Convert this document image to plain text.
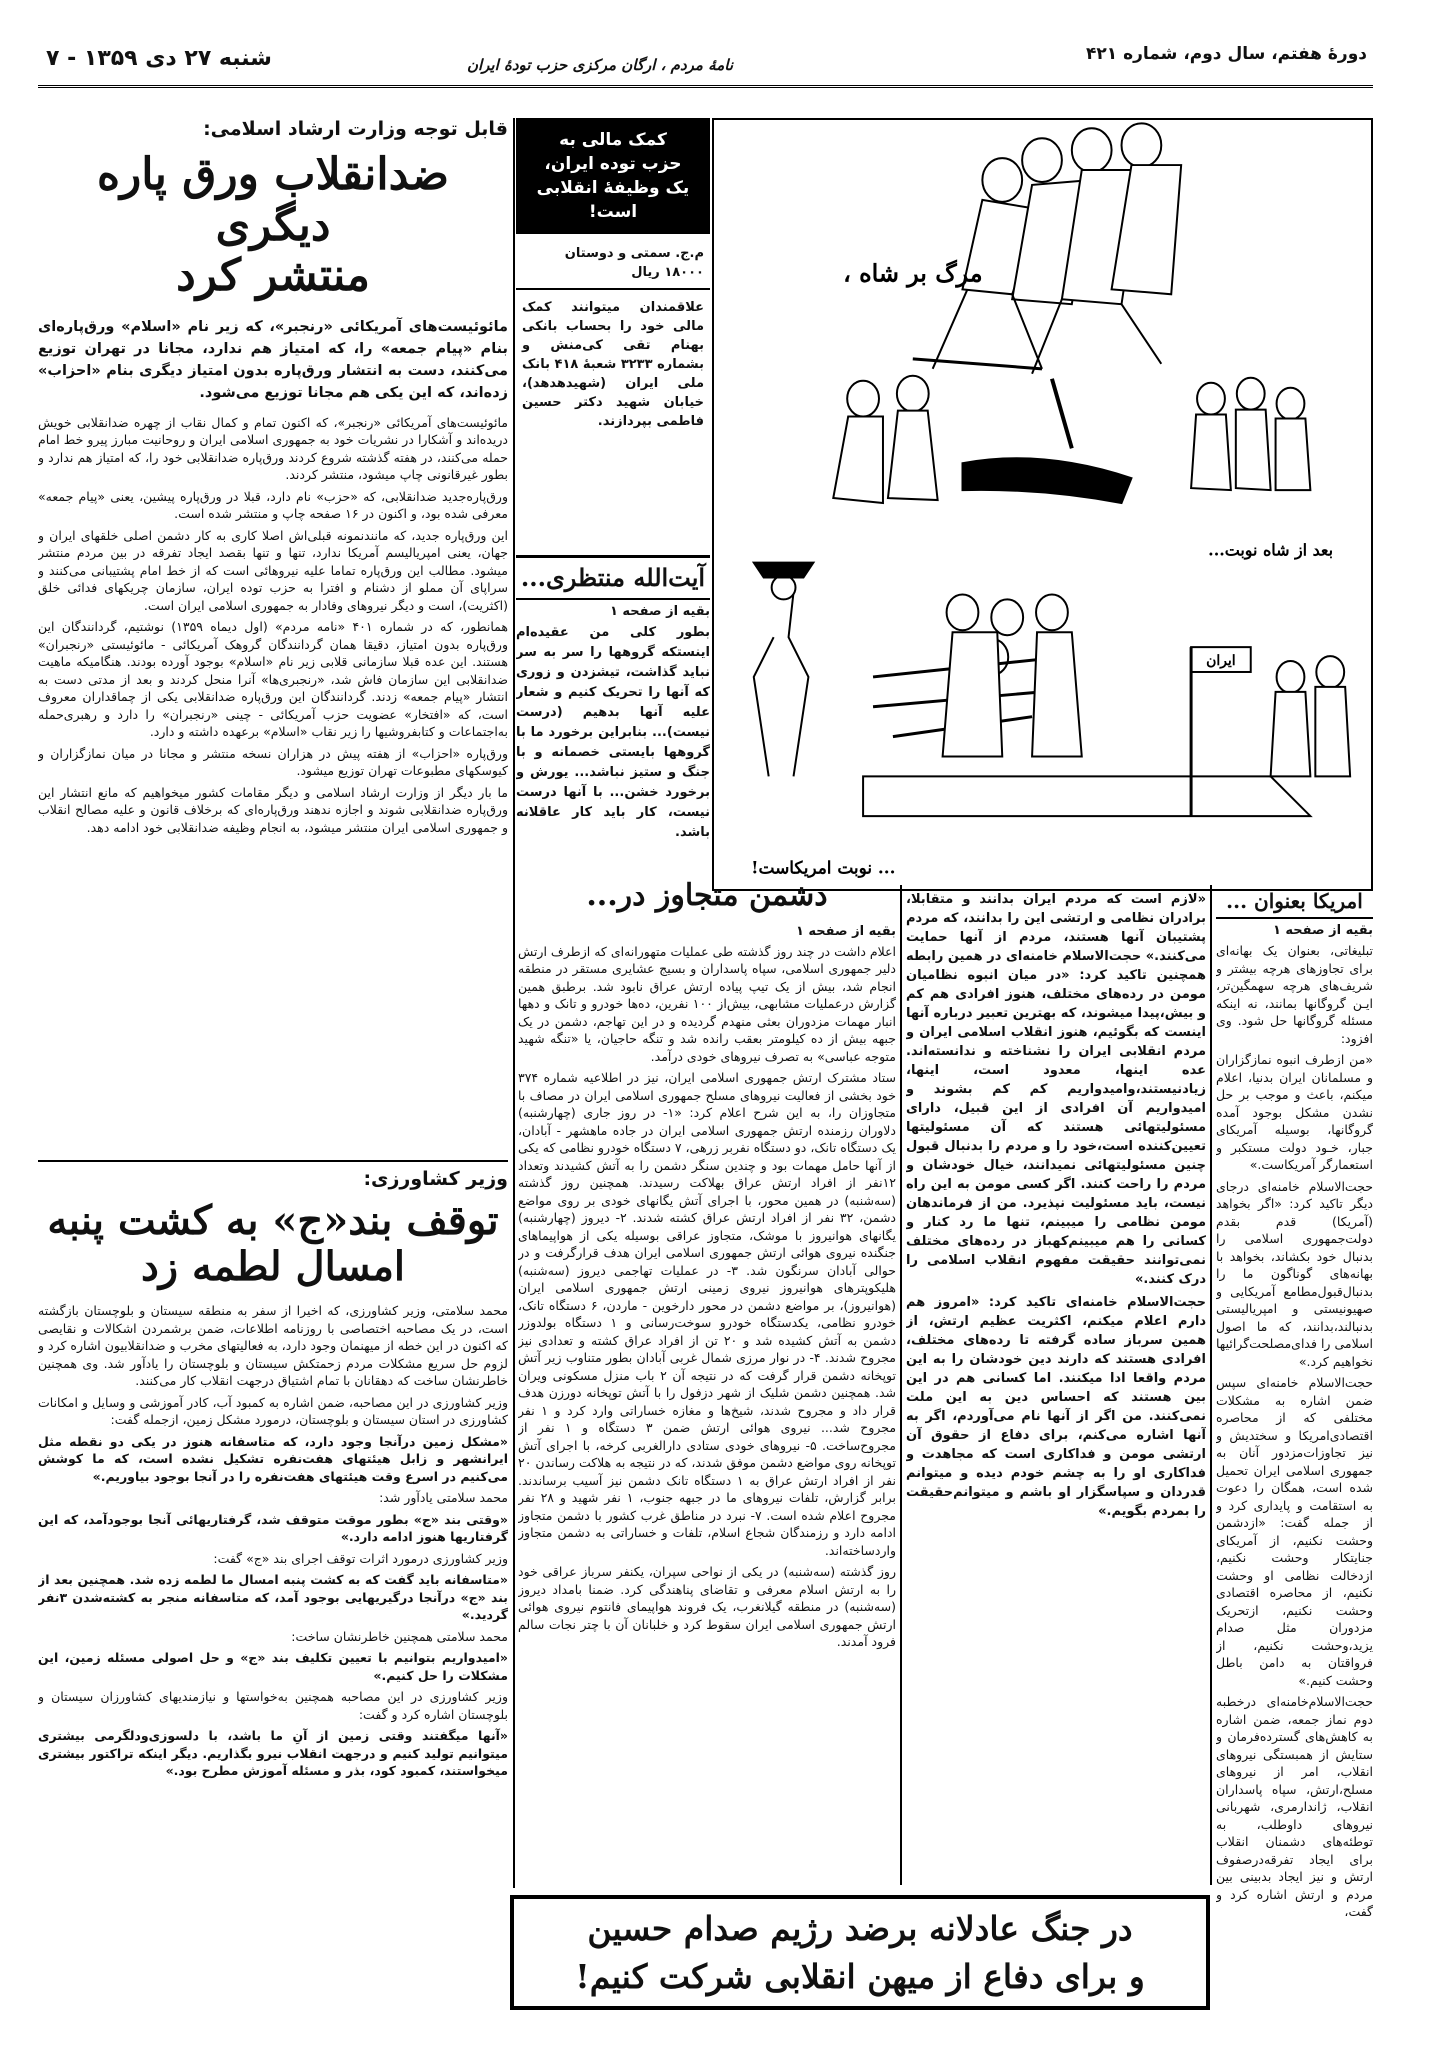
دورهٔ هفتم، سال دوم، شماره ۴۲۱
نامهٔ مردم ، ارگان مرکزی حزب تودهٔ ایران
شنبه ۲۷ دی ۱۳۵۹ - ۷
مرگ بر شاه ،
بعد از شاه نوبت...
ایران
... نوبت امریکاست!
کمک مالی به
حزب توده ایران،
یک وظیفهٔ انقلابی است!
م.ج. سمتی و دوستان ۱۸۰۰۰ ریال
علاقمندان میتوانند کمک مالی خود را بحساب بانکی بهنام تقی کی‌منش و بشماره ۳۲۳۳ شعبهٔ ۴۱۸ بانک ملی ایران (شهیدهدهد)، خیابان شهید دکتر حسین فاطمی بپردازند.
آیت‌الله منتظری...
بقیه از صفحه ۱

بطور کلی من عقیده‌ام اینستکه گروهها را سر به سر نباید گذاشت، تیشزدن و زوری که آنها را تحریک کنیم و شعار علیه آنها بدهیم (درست نیست)... بنابراین برخورد ما با گروهها بایستی خصمانه و با جنگ و ستیز نباشد... یورش و برخورد خشن... با آنها درست نیست، کار باید کار عاقلانه باشد.

امریکا بعنوان ...
بقیه از صفحه ۱

تبلیغاتی، بعنوان یک بهانه‌ای برای تجاوزهای هرچه بیشتر و شریف‌های هرچه سهمگین‌تر، ایـن گروگانها بمانند، نه اینکه مسئله گروگانها حل شود. وی افزود:

«من ازطرف انبوه نمازگزاران و مسلمانان ایران بدنیا، اعلام میکنم، باعث و موجب بر حل نشدن مشکل بوجود آمده گروگانها، بوسیله آمریکای جبار، خـود دولت مستکبر و استعمارگر آمریکاست.»

حجت‌الاسلام خامنه‌ای درجای دیگر تاکید کرد: «اگر بخواهد (آمریکا) قدم بقدم دولت‌جمهوری اسلامی را بدنبال خود بکشاند، بخواهد با بهانه‌های گوناگون ما را بدنبال‌قبول‌مطامع آمریکایی و صهیونیستی و امپریالیستی بدنبالند،بدانند، که ما اصول اسلامی را فدای‌مصلحت‌گرائیها نخواهیم کرد.»

حجت‌الاسلام خامنه‌ای سپس ضمن اشاره به مشکلات مختلفی که از محاصره اقتصادی‌امریکا و سختدیش و نیز تجاوزات‌مزدور آنان به جمهوری اسلامی ایران تحمیل شده است، همگان را دعوت به استقامت و پایداری کرد و از جمله گفت: «ازدشمن وحشت نکنیم، از آمریکای جنایتکار وحشت نکنیم، ازدخالت نظامی او وحشت نکنیم، از محاصره اقتصادی وحشت نکنیم، ازتحریک مزدوران مثل صدام یزید،وحشت نکنیم، از فرواقتان به دامن باطل وحشت کنیم.»

حجت‌الاسلام‌خامنه‌ای درخطبه دوم نماز جمعه، ضمن اشاره به کاهش‌های گسترده‌فرمان و ستایش از همبستگی نیروهای انقلاب، امر از نیروهای مسلح،ارتش، سپاه پاسداران انقلاب، ژاندارمری، شهربانی نیروهای داوطلب، به توطئه‌های دشمنان انقلاب برای ایجاد تفرقه‌درصفوف ارتش و نیز ایجاد بدبینی بین مردم و ارتش اشاره کرد و گفت،

«لازم است که مردم ایران بدانند و متقابلا، برادران نظامی و ارتشی این را بدانند، که مردم پشتیبان آنها هستند، مردم از آنها حمایت می‌کنند.» حجت‌الاسلام خامنه‌ای در همین رابطه همچنین تاکید کرد: «در میان انبوه نظامیان مومن در رده‌های مختلف، هنوز افرادی هم کم و بیش،پیدا میشوند، که بهترین تعبیر درباره آنها اینست که بگوئیم، هنوز انقلاب اسلامی ایران و مردم انقلابی ایران را نشناخته و ندانسته‌اند. عده اینها، معدود است، اینها، زیادنیستند،وامیدواریم کم کم بشوند و امیدواریم آن افرادی از این قبیل، دارای مسئولیتهائی هستند که آن مسئولیتها تعیین‌کننده است،خود را و مردم را بدنبال قبول چنین مسئولیتهائی نمیدانند، خیال خودشان و مردم را راحت کنند. اگر کسی مومن به این راه نیست، باید مسئولیت نپذیرد. من از فرماندهان مومن نظامی را میبینم، تنها ما رد کنار و کسانی را هم میبینم‌کهباز در رده‌های مختلف نمی‌توانند حقیقت مفهوم انقلاب اسلامی را درک کنند.»

حجت‌الاسلام خامنه‌ای تاکید کرد: «امروز هم دارم اعلام میکنم، اکثریت عظیم ارتش، از همین سرباز ساده گرفته تا رده‌های مختلف، افرادی هستند که دارند دین خودشان را به این مردم واقعا ادا میکنند. اما کسانی هم در این بین هستند که احساس دین به این ملت نمی‌کنند. من اگر از آنها نام می‌آوردم، اگر به آنها اشاره می‌کنم، برای دفاع از حقوق آن ارتشی مومن و فداکاری است که مجاهدت و فداکاری او را به چشم خودم دیده و میتوانم قدردان و سپاسگزار او باشم و میتوانم‌حقیقت را بمردم بگویم.»

دشمن متجاوز در...
بقیه از صفحه ۱

اعلام داشت در چند روز گذشته طی عملیات متهورانه‌ای که ازطرف ارتش دلیر جمهوری اسلامی، سپاه پاسداران و بسیج عشایری مستقر در منطقه انجام شد، بیش از یک تیپ پیاده ارتش عراق نابود شد. برطبق همین گزارش درعملیات مشابهی، بیش‌از ۱۰۰ نفرین، ده‌ها خودرو و تانک و دهها انبار مهمات مزدوران بعثی منهدم گردیده و در این تهاجم، دشمن در یک جبهه بیش از ده کیلومتر بعقب رانده شد و تنگه حاجیان، یا «تنگه شهید متوجه عباسی» به تصرف نیروهای خودی درآمد.

ستاد مشترک ارتش جمهوری اسلامی ایران، نیز در اطلاعیه شماره ۳۷۴ خود بخشی از فعالیت نیروهای مسلح جمهوری اسلامی ایران در مصاف با متجاوزان را، به این شرح اعلام کرد: «۱- در روز جاری (چهارشنبه) دلاوران رزمنده ارتش جمهوری اسلامی ایران در جاده ماهشهر - آبادان، یک دستگاه تانک، دو دستگاه نفربر زرهی، ۷ دستگاه خودرو نظامی که یکی از آنها حامل مهمات بود و چندین سنگر دشمن را به آتش کشیدند وتعداد ۱۲نفر از افراد ارتش عراق بهلاکت رسیدند. همچنین روز گذشته (سه‌شنبه) در همین محور، با اجرای آتش یگانهای خودی بر روی مواضع دشمن، ۳۲ نفر از افراد ارتش عراق کشته شدند. ۲- دیروز (چهارشنبه) یگانهای هوانیروز با موشک، متجاوز عراقی بوسیله یکی از هواپیماهای جنگنده نیروی هوائی ارتش جمهوری اسلامی ایران هدف قرارگرفت و در حوالی آبادان سرنگون شد. ۳- در عملیات تهاجمی دیروز (سه‌شنبه) هلیکوپترهای هوانیروز نیروی زمینی ارتش جمهوری اسلامی ایران (هوانیروز)، بر مواضع دشمن در محور دارخوین - ماردن، ۶ دستگاه تانک، خودرو نظامی، یکدستگاه خودرو سوخت‌رسانی و ۱ دستگاه بولدوزر دشمن به آتش کشیده شد و ۲۰ تن از افراد عراق کشته و تعدادی نیز مجروح شدند. ۴- در نوار مرزی شمال غربی آبادان بطور متناوب زیر آتش توپخانه دشمن قرار گرفت که در نتیجه آن ۲ باب منزل مسکونی ویران شد. همچنین دشمن شلیک از شهر دزفول را با آتش توپخانه دورزن هدف قرار داد و مجروح شدند، شیخ‌ها و مغازه خساراتی وارد کرد و ۱ نفر مجروح شد... نیروی هوائی ارتش ضمن ۳ دستگاه و ۱ نفر از مجروح‌ساخت. ۵- نیروهای خودی ستادی دارالغربی کرخه، با اجرای آتش توپخانه روی مواضع دشمن موفق شدند، که در نتیجه به هلاکت رساندن ۲۰ نفر از افراد ارتش عراق به ۱ دستگاه تانک دشمن نیز آسیب برساندند. برابر گزارش، تلفات نیروهای ما در جبهه جنوب، ۱ نفر شهید و ۲۸ نفر مجروح اعلام شده است. ۷- نبرد در مناطق غرب کشور با دشمن متجاوز ادامه دارد و رزمندگان شجاع اسلام، تلفات و خساراتی به دشمن متجاوز واردساخته‌اند.

روز گذشته (سه‌شنبه) در یکی از نواحی سپران، یکنفر سرباز عراقی خود را به ارتش اسلام معرفی و تقاضای پناهندگی کرد. ضمنا بامداد دیروز (سه‌شنبه) در منطقه گیلانغرب، یک فروند هواپیمای فانتوم نیروی هوائی ارتش جمهوری اسلامی ایران سقوط کرد و خلبانان آن با چتر نجات سالم فرود آمدند.

قابل توجه وزارت ارشاد اسلامی:
ضدانقلاب ورق پاره دیگری
منتشر کرد
مائوئیست‌های آمریکائی «رنجبر»، که زیر نام «اسلام» ورق‌پاره‌ای بنام «پیام جمعه» را، که امتیاز هم ندارد، مجانا در تهران توزیع می‌کنند، دست به انتشار ورق‌پاره بدون امتیاز دیگری بنام «احزاب» زده‌اند، که این یکی هم مجانا توزیع می‌شود.

مائوئیست‌های آمریکائی «رنجبر»، که اکنون تمام و کمال نقاب از چهره ضدانقلابی خویش دریده‌اند و آشکارا در نشریات خود به جمهوری اسلامی ایران و روحانیت مبارز پیرو خط امام حمله می‌کنند، در هفته گذشته شروع کردند ورق‌پاره ضدانقلابی خود را، که امتیاز هم ندارد و بطور غیرقانونی چاپ میشود، منتشر کردند.

ورق‌پاره‌جدید ضدانقلابی، که «حزب» نام دارد، قبلا در ورق‌پاره پیشین، یعنی «پیام جمعه» معرفی شده بود، و اکنون در ۱۶ صفحه چاپ و منتشر شده است.

این ورق‌پاره جدید، که مانندنمونه قبلی‌اش اصلا کاری به کار دشمن اصلی خلقهای ایران و جهان، یعنی امپریالیسم آمریکا ندارد، تنها و تنها بقصد ایجاد تفرقه در بین مردم منتشر میشود. مطالب این ورق‌پاره تماما علیه نیروهائی است که از خط امام پشتیبانی می‌کنند و سراپای آن مملو از دشنام و افترا به حزب توده ایران، سازمان چریکهای فدائی خلق (اکثریت)، است و دیگر نیروهای وفادار به جمهوری اسلامی ایران است.

همانطور، که در شماره ۴۰۱ «نامه مردم» (اول دیماه ۱۳۵۹) نوشتیم، گردانندگان این ورق‌پاره بدون امتیاز، دقیقا همان گردانندگان گروهک آمریکائی - مائوئیستی «رنجبران» هستند. این عده قبلا سازمانی قلابی زیر نام «اسلام» بوجود آورده بودند. هنگامیکه ماهیت ضدانقلابی این سازمان فاش شد، «رنجبری‌ها» آنرا منحل کردند و بعد از مدتی دست به انتشار «پیام جمعه» زدند. گردانندگان این ورق‌پاره ضدانقلابی یکی از چماقداران معروف است، که «افتخار» عضویت حزب آمریکائی - چینی «رنجبران» را دارد و رهبری‌حمله به‌اجتماعات و کتابفروشیها را زیر نقاب «اسلام» برعهده داشته و دارد.

ورق‌پاره «احزاب» از هفته پیش در هزاران نسخه منتشر و مجانا در میان نمازگزاران و کیوسکهای مطبوعات تهران توزیع میشود.

ما بار دیگر از وزارت ارشاد اسلامی و دیگر مقامات کشور میخواهیم که مانع انتشار این ورق‌پاره ضدانقلابی شوند و اجازه ندهند ورق‌پاره‌ای که برخلاف قانون و علیه مصالح انقلاب و جمهوری اسلامی ایران منتشر میشود، به انجام وظیفه ضدانقلابی خود ادامه دهد.

وزیر کشاورزی:
توقف بند«ج» به کشت پنبه
امسال لطمه زد

محمد سلامتی، وزیر کشاورزی، که اخیرا از سفر به منطقه سیستان و بلوچستان بازگشته است، در یک مصاحبه اختصاصی با روزنامه اطلاعات، ضمن برشمردن اشکالات و نقایصی که اکنون در این خطه از میهنمان وجود دارد، به فعالیتهای مخرب و ضدانقلابیون اشاره کرد و لزوم حل سریع مشکلات مردم زحمتکش سیستان و بلوچستان را یادآور شد. وی همچنین خاطرنشان ساخت که دهقانان با تمام اشتیاق درجهت انقلاب کار می‌کنند.

وزیر کشاورزی در این مصاحبه، ضمن اشاره به کمبود آب، کادر آموزشی و وسایل و امکانات کشاورزی در استان سیستان و بلوچستان، درمورد مشکل زمین، ازجمله گفت:

«مشکل زمین درآنجا وجود دارد، که متاسفانه هنوز در یکی دو نقطه مثل ایرانشهر و زابل هیئتهای هفت‌نفره تشکیل نشده است، که ما کوشش می‌کنیم در اسرع وقت هیئتهای هفت‌نفره را در آنجا بوجود بیاوریم.»

محمد سلامتی یادآور شد:

«وقتی بند «ج» بطور موقت متوقف شد، گرفتاریهائی آنجا بوجودآمد، که این گرفتاریها هنوز ادامه دارد.»

وزیر کشاورزی درمورد اثرات توقف اجرای بند «ج» گفت:

«متاسفانه باید گفت که به کشت پنبه امسال ما لطمه زده شد. همچنین بعد از بند «ج» درآنجا درگیریهایی بوجود آمد، که متاسفانه منجر به کشته‌شدن ۳نفر گردید.»

محمد سلامتی همچنین خاطرنشان ساخت:

«امیدواریم بتوانیم با تعیین تکلیف بند «ج» و حل اصولی مسئله زمین، این مشکلات را حل کنیم.»

وزیر کشاورزی در این مصاحبه همچنین به‌خواستها و نیازمندیهای کشاورزان سیستان و بلوچستان اشاره کرد و گفت:

«آنها میگفتند وقتی زمین از آنِ ما باشد، با دلسوزی‌ودلگرمی بیشتری میتوانیم تولید کنیم و درجهت انقلاب نیرو بگذاریم. دیگر اینکه تراکتور بیشتری میخواستند، کمبود کود، بذر و مسئله آموزش مطرح بود.»

در جنگ عادلانه برضد رژیم صدام حسین
و برای دفاع از میهن انقلابی شرکت کنیم!
